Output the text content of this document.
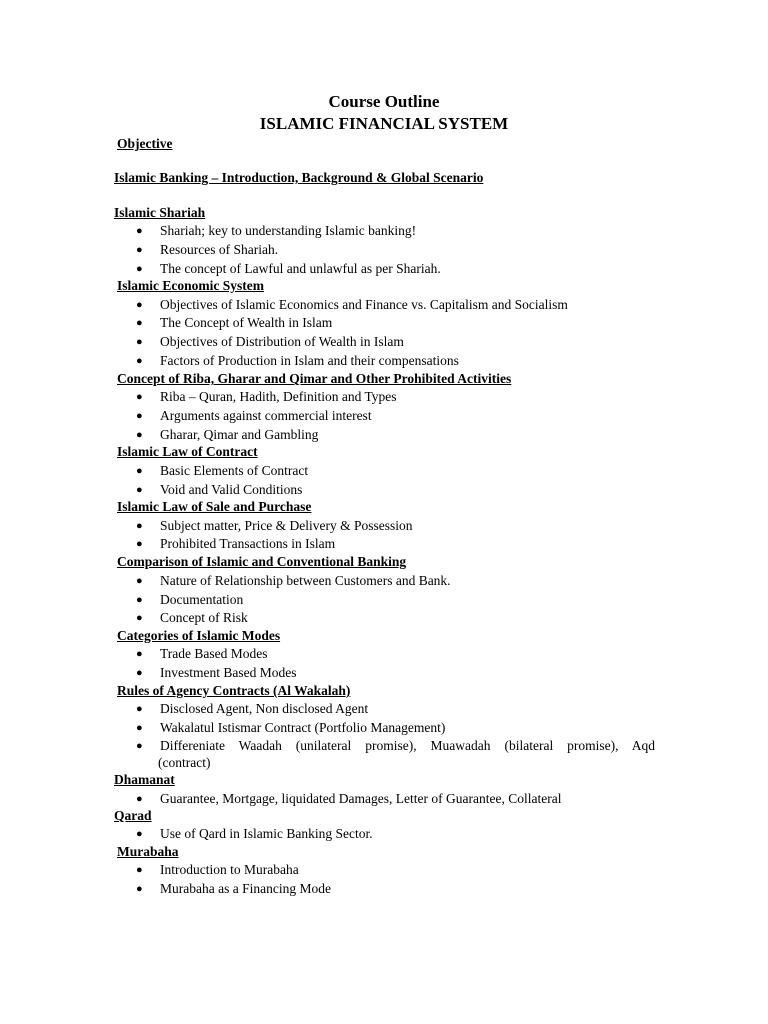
Course Outline
ISLAMIC FINANCIAL SYSTEM
Objective
Islamic Banking – Introduction, Background & Global Scenario
Islamic Shariah
● Shariah; key to understanding Islamic banking!
● Resources of Shariah.
● The concept of Lawful and unlawful as per Shariah.
Islamic Economic System
● Objectives of Islamic Economics and Finance vs. Capitalism and Socialism
● The Concept of Wealth in Islam
● Objectives of Distribution of Wealth in Islam
● Factors of Production in Islam and their compensations
Concept of Riba, Gharar and Qimar and Other Prohibited Activities
● Riba – Quran, Hadith, Definition and Types
● Arguments against commercial interest
● Gharar, Qimar and Gambling
Islamic Law of Contract
● Basic Elements of Contract
● Void and Valid Conditions
Islamic Law of Sale and Purchase
● Subject matter, Price & Delivery & Possession
● Prohibited Transactions in Islam
Comparison of Islamic and Conventional Banking
● Nature of Relationship between Customers and Bank.
● Documentation
● Concept of Risk
Categories of Islamic Modes
● Trade Based Modes
● Investment Based Modes
Rules of Agency Contracts (Al Wakalah)
● Disclosed Agent, Non disclosed Agent
● Wakalatul Istismar Contract (Portfolio Management)
● Differeniate Waadah (unilateral promise), Muawadah (bilateral promise), Aqd
(contract)
Dhamanat
● Guarantee, Mortgage, liquidated Damages, Letter of Guarantee, Collateral
Qarad
● Use of Qard in Islamic Banking Sector.
Murabaha
● Introduction to Murabaha
● Murabaha as a Financing Mode
